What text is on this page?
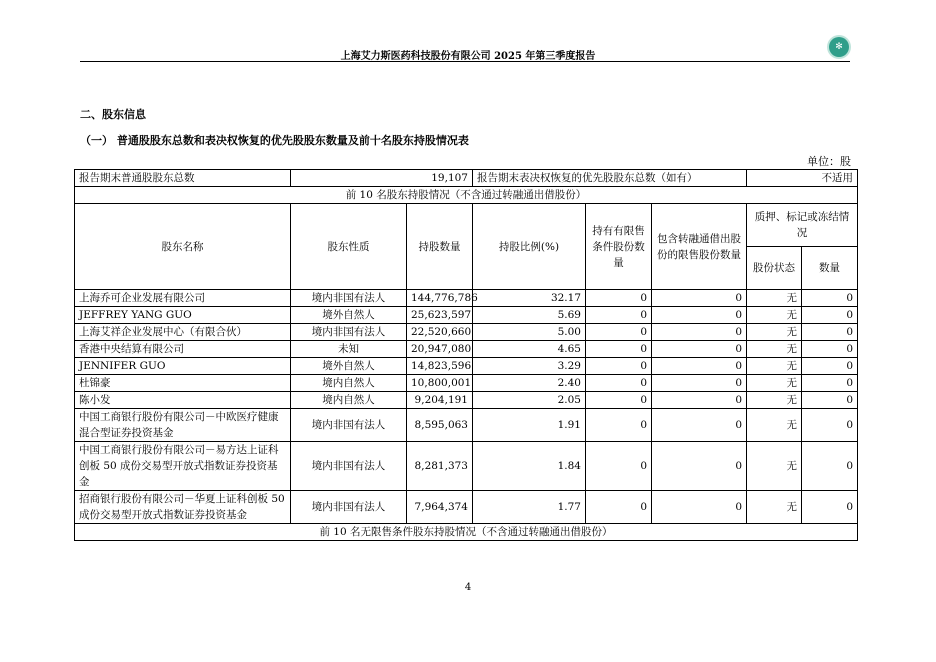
上海艾力斯医药科技股份有限公司 2025 年第三季度报告
✻
二、股东信息
（一） 普通股股东总数和表决权恢复的优先股股东数量及前十名股东持股情况表
单位：股
报告期末普通股股东总数	19,107		报告期末表决权恢复的优先股股东总数（如有）			不适用	
前 10 名股东持股情况（不含通过转融通出借股份）							
股东名称	股东性质	持股数量	持股比例(%)	持有有限售条件股份数量	包含转融通借出股份的限售股份数量	质押、标记或冻结情况	
						股份状态	数量
上海乔可企业发展有限公司	境内非国有法人	144,776,786	32.17	0	0	无	0
JEFFREY YANG GUO	境外自然人	25,623,597	5.69	0	0	无	0
上海艾祥企业发展中心（有限合伙）	境内非国有法人	22,520,660	5.00	0	0	无	0
香港中央结算有限公司	未知	20,947,080	4.65	0	0	无	0
JENNIFER GUO	境外自然人	14,823,596	3.29	0	0	无	0
杜锦豪	境内自然人	10,800,001	2.40	0	0	无	0
陈小发	境内自然人	9,204,191	2.05	0	0	无	0
中国工商银行股份有限公司－中欧医疗健康混合型证券投资基金	境内非国有法人	8,595,063	1.91	0	0	无	0
中国工商银行股份有限公司－易方达上证科创板 50 成份交易型开放式指数证券投资基金	境内非国有法人	8,281,373	1.84	0	0	无	0
招商银行股份有限公司－华夏上证科创板 50 成份交易型开放式指数证券投资基金	境内非国有法人	7,964,374	1.77	0	0	无	0
前 10 名无限售条件股东持股情况（不含通过转融通出借股份）							
4
